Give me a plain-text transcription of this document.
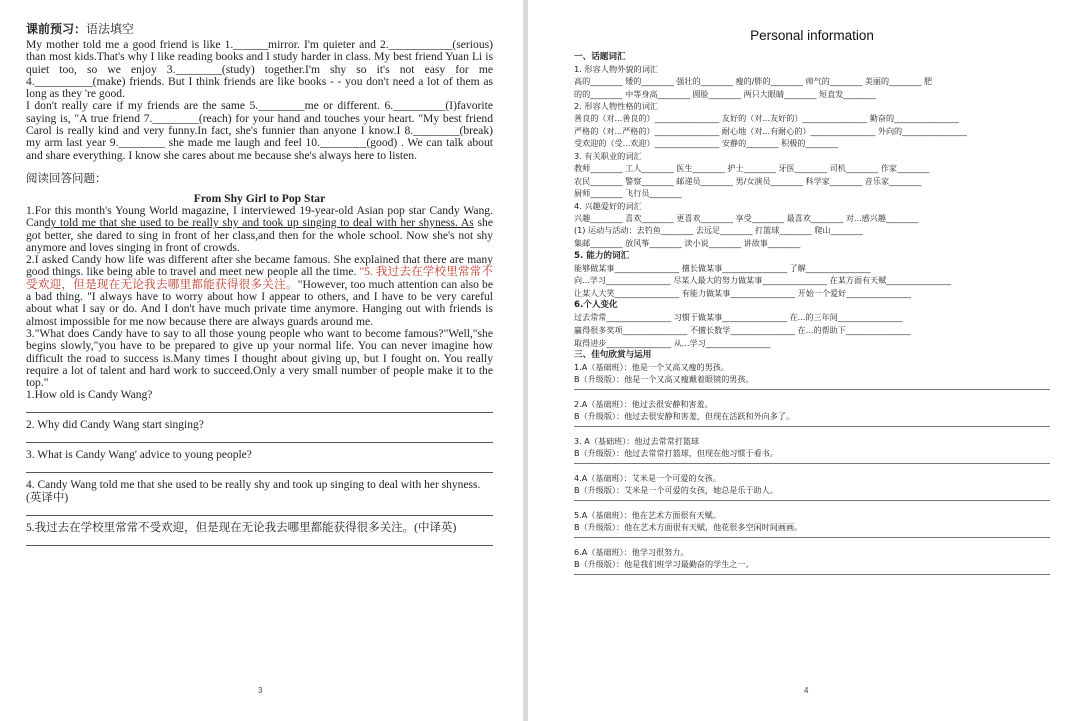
课前预习：语法填空

My mother told me a good friend is like 1.______mirror. I'm quieter and 2.___________(serious) than most kids.That's why I like reading books and I study harder in class. My best friend Yuan Li is quiet too, so we enjoy 3.________(study) together.I'm shy so it's not easy for me 4.__________(make) friends. But I think friends are like books - - you don't need a lot of them as long as they 're good.

I don't really care if my friends are the same 5.________me or different. 6._________(I)favorite saying is, "A true friend 7.________(reach) for your hand and touches your heart. "My best friend Carol is really kind and very funny.In fact, she's funnier than anyone I know.I 8.________(break) my arm last year 9.________ she made me laugh and feel 10.________(good) . We can talk about and share everything. I know she cares about me because she's always here to listen.

阅读回答问题：

From Shy Girl to Pop Star

1.For this month's Young World magazine, I interviewed 19-year-old Asian pop star Candy Wang. Candy told me that she used to be really shy and took up singing to deal with her shyness. As she got better, she dared to sing in front of her class,and then for the whole school. Now she's not shy anymore and loves singing in front of crowds.

2.I asked Candy how life was different after she became famous. She explained that there are many good things. like being able to travel and meet new people all the time. "5. 我过去在学校里常常不受欢迎，但是现在无论我去哪里都能获得很多关注。"However, too much attention can also be a bad thing. "I always have to worry about how I appear to others, and I have to be very careful about what I say or do. And I don't have much private time anymore. Hanging out with friends is almost impossible for me now because there are always guards around me.

3."What does Candy have to say to all those young people who want to become famous?"Well,"she begins slowly,"you have to be prepared to give up your normal life. You can never imagine how difficult the road to success is.Many times I thought about giving up, but I fought on. You really require a lot of talent and hard work to succeed.Only a very small number of people make it to the top."

1.How old is Candy Wang?

2. Why did Candy Wang start singing?

3. What is Candy Wang' advice to young people?

4. Candy Wang told me that she used to be really shy and took up singing to deal with her shyness.(英译中)

5.我过去在学校里常常不受欢迎，但是现在无论我去哪里都能获得很多关注。(中译英)

3

Personal information

一、话题词汇

1. 形容人物外貌的词汇

高的________ 矮的________ 强壮的________ 瘦的/胖的________ 帅气的________ 美丽的________ 肥

的的________ 中等身高________ 圆脸________ 两只大眼睛________ 短直发________

2. 形容人物性格的词汇

善良的（对...善良的）________________ 友好的（对...友好的）________________ 勤奋的________________

严格的（对...严格的）________________ 耐心地（对...有耐心的）________________ 外向的________________

受欢迎的（受...欢迎）________________ 安静的________ 积极的________

3. 有关职业的词汇

教师________ 工人________ 医生________ 护士________ 牙医________ 司机________ 作家________

农民________ 警察________ 邮递员________ 男/女演员________ 科学家________ 音乐家________

厨师________ 飞行员________

4. 兴趣爱好的词汇

兴趣________ 喜欢________ 更喜欢________ 享受________ 最喜欢________ 对...感兴趣________

(1) 运动与活动：去钓鱼________ 去远足________ 打篮球________ 爬山________

集邮________ 放风筝________ 读小说________ 讲故事________

5. 能力的词汇

能够做某事________________ 擅长做某事________________ 了解________________

向...学习________________ 尽某人最大的努力做某事________________ 在某方面有天赋________________

让某人大笑________________ 有能力做某事________________ 开始一个爱好________________

6.个人变化

过去常常________________ 习惯于做某事________________ 在...的三年间________________

赢得很多奖项________________ 不擅长数学________________ 在...的帮助下________________

取得进步________________ 从...学习________________

三、佳句欣赏与运用

1.A（基础班）：他是一个又高又瘦的男孩。

B（升级版）：他是一个又高又瘦戴着眼镜的男孩。

2.A（基础班）：他过去很安静和害羞。

B（升级版）：他过去很安静和害羞，但现在活跃和外向多了。

3. A（基础班）：他过去常常打篮球

B（升级版）：他过去常常打篮球，但现在他习惯于看书。

4.A（基础班）：艾米是一个可爱的女孩。

B（升级版）：艾米是一个可爱的女孩，她总是乐于助人。

5.A（基础班）：他在艺术方面很有天赋。

B（升级版）：他在艺术方面很有天赋，他花很多空闲时间画画。

6.A（基础班）：他学习很努力。

B（升级版）：他是我们班学习最勤奋的学生之一。

4
